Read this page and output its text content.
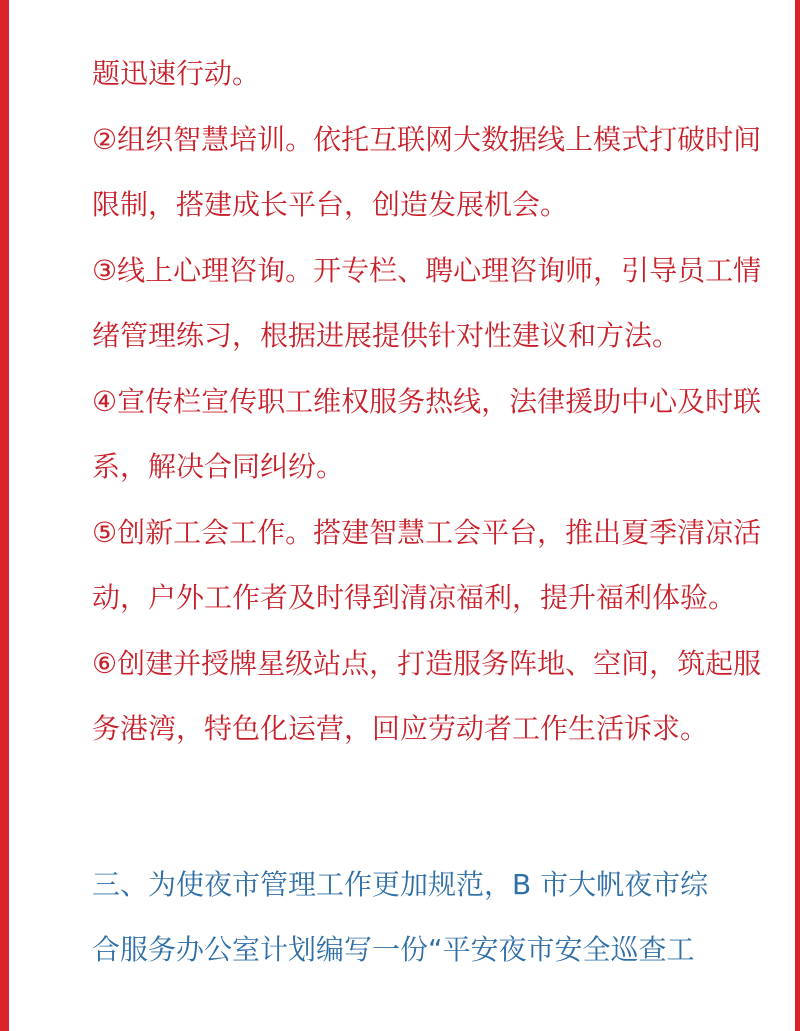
题迅速行动。
②组织智慧培训。依托互联网大数据线上模式打破时间
限制，搭建成长平台，创造发展机会。
③线上心理咨询。开专栏、聘心理咨询师，引导员工情
绪管理练习，根据进展提供针对性建议和方法。
④宣传栏宣传职工维权服务热线，法律援助中心及时联
系，解决合同纠纷。
⑤创新工会工作。搭建智慧工会平台，推出夏季清凉活
动，户外工作者及时得到清凉福利，提升福利体验。
⑥创建并授牌星级站点，打造服务阵地、空间，筑起服
务港湾，特色化运营，回应劳动者工作生活诉求。
三、为使夜市管理工作更加规范，B 市大帆夜市综
合服务办公室计划编写一份“平安夜市安全巡查工
